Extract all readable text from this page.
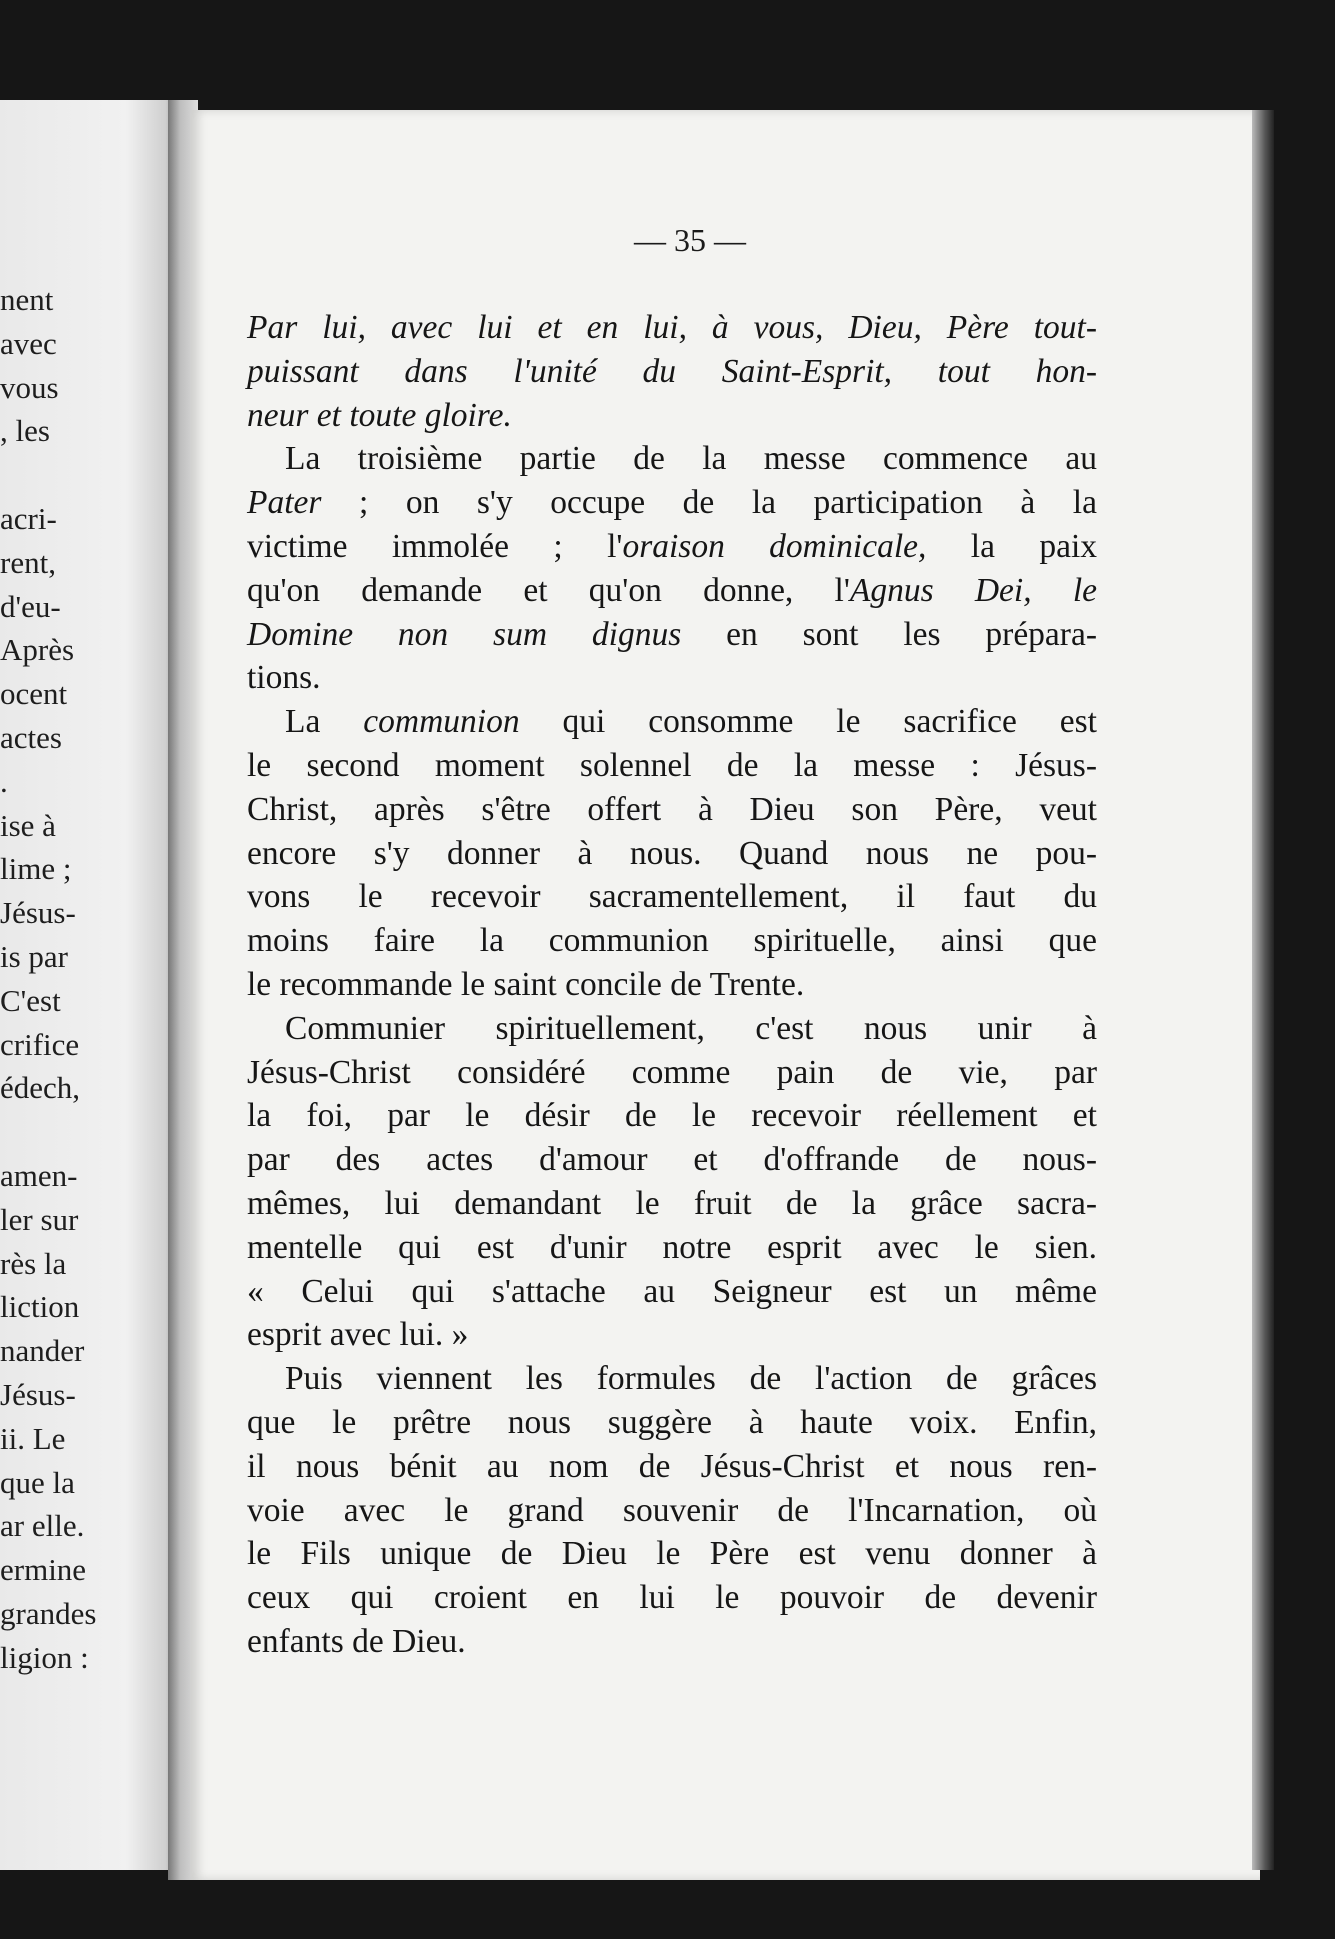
nent
avec
vous
, les
acri-
rent,
d'eu-
Après
ocent
actes
.
ise à
lime ;
Jésus-
is par
C'est
crifice
édech,
amen-
ler sur
rès la
liction
nander
Jésus-
ii. Le
que la
ar elle.
ermine
grandes
ligion :
— 35 —
Par lui, avec lui et en lui, à vous, Dieu, Père tout-
puissant dans l'unité du Saint-Esprit, tout hon-
neur et toute gloire.
La troisième partie de la messe commence au
Pater ; on s'y occupe de la participation à la
victime immolée ; l'oraison dominicale, la paix
qu'on demande et qu'on donne, l'Agnus Dei, le
Domine non sum dignus en sont les prépara-
tions.
La communion qui consomme le sacrifice est
le second moment solennel de la messe : Jésus-
Christ, après s'être offert à Dieu son Père, veut
encore s'y donner à nous. Quand nous ne pou-
vons le recevoir sacramentellement, il faut du
moins faire la communion spirituelle, ainsi que
le recommande le saint concile de Trente.
Communier spirituellement, c'est nous unir à
Jésus-Christ considéré comme pain de vie, par
la foi, par le désir de le recevoir réellement et
par des actes d'amour et d'offrande de nous-
mêmes, lui demandant le fruit de la grâce sacra-
mentelle qui est d'unir notre esprit avec le sien.
« Celui qui s'attache au Seigneur est un même
esprit avec lui. »
Puis viennent les formules de l'action de grâces
que le prêtre nous suggère à haute voix. Enfin,
il nous bénit au nom de Jésus-Christ et nous ren-
voie avec le grand souvenir de l'Incarnation, où
le Fils unique de Dieu le Père est venu donner à
ceux qui croient en lui le pouvoir de devenir
enfants de Dieu.
